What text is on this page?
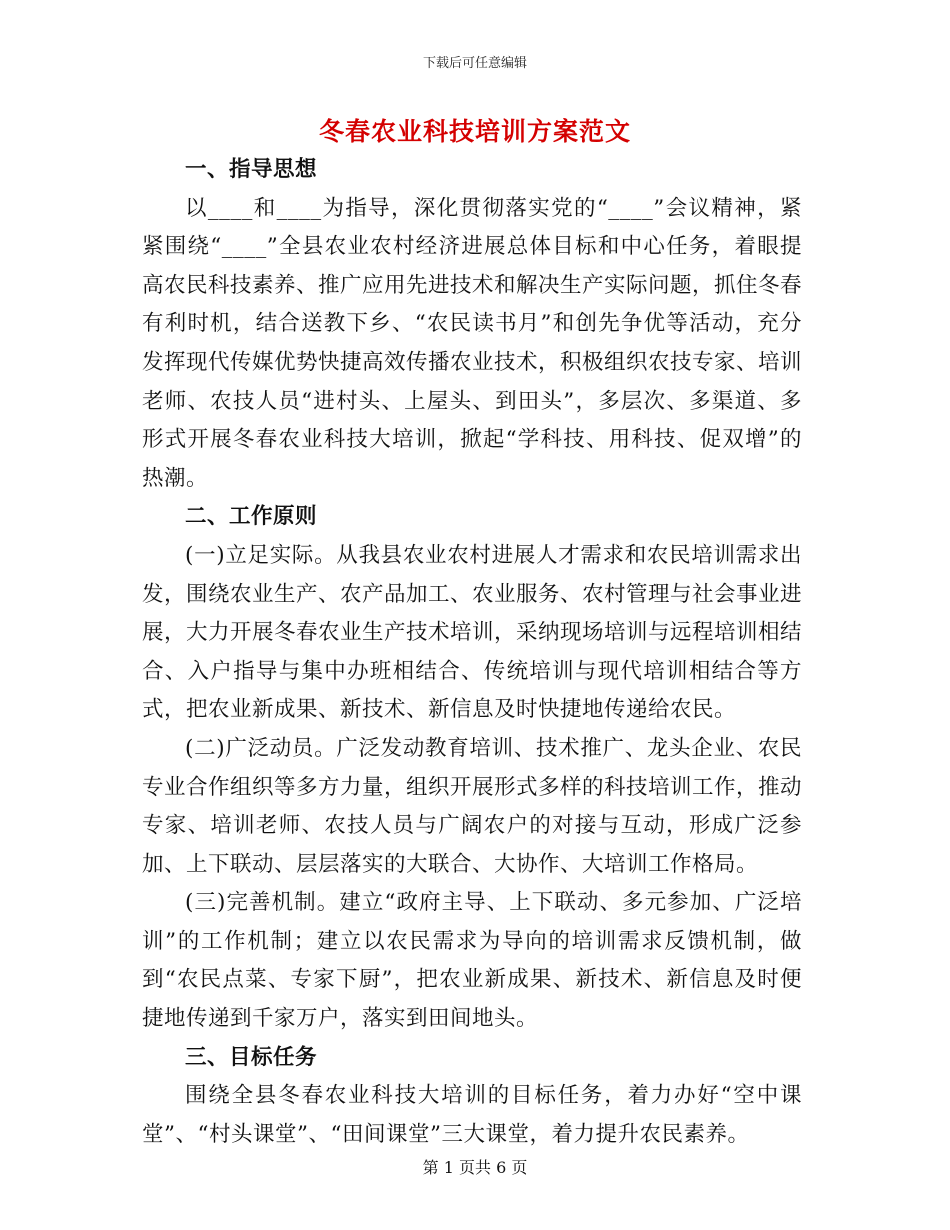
下载后可任意编辑
冬春农业科技培训方案范文

一、指导思想

以____和____为指导，深化贯彻落实党的“____”会议精神，紧紧围绕“____”全县农业农村经济进展总体目标和中心任务，着眼提高农民科技素养、推广应用先进技术和解决生产实际问题，抓住冬春有利时机，结合送教下乡、“农民读书月”和创先争优等活动，充分发挥现代传媒优势快捷高效传播农业技术，积极组织农技专家、培训老师、农技人员“进村头、上屋头、到田头”，多层次、多渠道、多形式开展冬春农业科技大培训，掀起“学科技、用科技、促双增”的热潮。

二、工作原则

(一)立足实际。从我县农业农村进展人才需求和农民培训需求出发，围绕农业生产、农产品加工、农业服务、农村管理与社会事业进展，大力开展冬春农业生产技术培训，采纳现场培训与远程培训相结合、入户指导与集中办班相结合、传统培训与现代培训相结合等方式，把农业新成果、新技术、新信息及时快捷地传递给农民。

(二)广泛动员。广泛发动教育培训、技术推广、龙头企业、农民专业合作组织等多方力量，组织开展形式多样的科技培训工作，推动专家、培训老师、农技人员与广阔农户的对接与互动，形成广泛参加、上下联动、层层落实的大联合、大协作、大培训工作格局。

(三)完善机制。建立“政府主导、上下联动、多元参加、广泛培训”的工作机制；建立以农民需求为导向的培训需求反馈机制，做到“农民点菜、专家下厨”，把农业新成果、新技术、新信息及时便捷地传递到千家万户，落实到田间地头。

三、目标任务

围绕全县冬春农业科技大培训的目标任务，着力办好“空中课堂”、“村头课堂”、“田间课堂”三大课堂，着力提升农民素养。

第 1 页共 6 页
